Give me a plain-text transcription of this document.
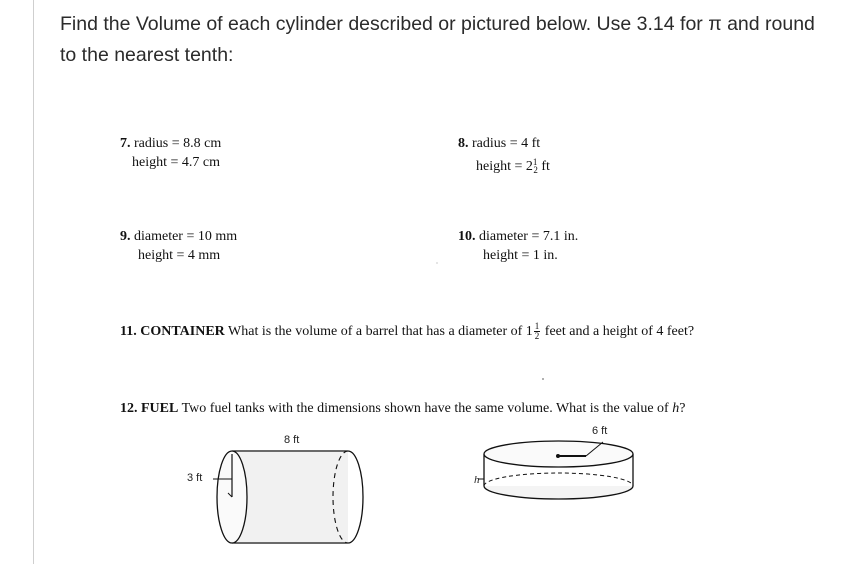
Find the Volume of each cylinder described or pictured below. Use 3.14 for π and round to the nearest tenth:
7. radius = 8.8 cm
height = 4.7 cm
8. radius = 4 ft
height = $2^1_2$ ft
9. diameter = 10 mm
height = 4 mm
10. diameter = 7.1 in.
height = 1 in.
11. CONTAINER What is the volume of a barrel that has a diameter of $1 \frac{1}{2}$ feet and a height of 4 feet?
12. FUEL Two fuel tanks with the dimensions shown have the same volume. What is the value of h?
8 ft
3 ft
6 ft
h
